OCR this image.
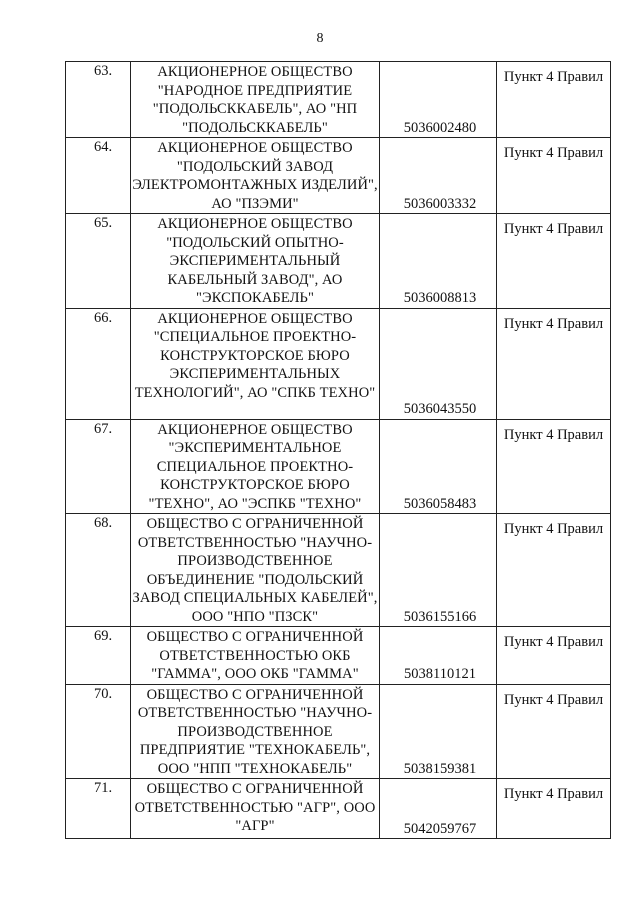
8
63.	АКЦИОНЕРНОЕ ОБЩЕСТВО "НАРОДНОЕ ПРЕДПРИЯТИЕ "ПОДОЛЬСККАБЕЛЬ", АО "НП "ПОДОЛЬСККАБЕЛЬ"	5036002480	Пункт 4 Правил

64.	АКЦИОНЕРНОЕ ОБЩЕСТВО "ПОДОЛЬСКИЙ ЗАВОД ЭЛЕКТРОМОНТАЖНЫХ ИЗДЕЛИЙ", АО "ПЗЭМИ"	5036003332	Пункт 4 Правил

65.	АКЦИОНЕРНОЕ ОБЩЕСТВО "ПОДОЛЬСКИЙ ОПЫТНО-ЭКСПЕРИМЕНТАЛЬНЫЙ КАБЕЛЬНЫЙ ЗАВОД", АО "ЭКСПОКАБЕЛЬ"	5036008813	Пункт 4 Правил

66.	АКЦИОНЕРНОЕ ОБЩЕСТВО "СПЕЦИАЛЬНОЕ ПРОЕКТНО-КОНСТРУКТОРСКОЕ БЮРО ЭКСПЕРИМЕНТАЛЬНЫХ ТЕХНОЛОГИЙ", АО "СПКБ ТЕХНО"	5036043550	Пункт 4 Правил

67.	АКЦИОНЕРНОЕ ОБЩЕСТВО "ЭКСПЕРИМЕНТАЛЬНОЕ СПЕЦИАЛЬНОЕ ПРОЕКТНО-КОНСТРУКТОРСКОЕ БЮРО "ТЕХНО", АО "ЭСПКБ "ТЕХНО"	5036058483	Пункт 4 Правил

68.	ОБЩЕСТВО С ОГРАНИЧЕННОЙ ОТВЕТСТВЕННОСТЬЮ "НАУЧНО-ПРОИЗВОДСТВЕННОЕ ОБЪЕДИНЕНИЕ "ПОДОЛЬСКИЙ ЗАВОД СПЕЦИАЛЬНЫХ КАБЕЛЕЙ", ООО "НПО "ПЗСК"	5036155166	Пункт 4 Правил

69.	ОБЩЕСТВО С ОГРАНИЧЕННОЙ ОТВЕТСТВЕННОСТЬЮ ОКБ "ГАММА", ООО ОКБ "ГАММА"	5038110121	Пункт 4 Правил

70.	ОБЩЕСТВО С ОГРАНИЧЕННОЙ ОТВЕТСТВЕННОСТЬЮ "НАУЧНО-ПРОИЗВОДСТВЕННОЕ ПРЕДПРИЯТИЕ "ТЕХНОКАБЕЛЬ", ООО "НПП "ТЕХНОКАБЕЛЬ"	5038159381	Пункт 4 Правил

71.	ОБЩЕСТВО С ОГРАНИЧЕННОЙ ОТВЕТСТВЕННОСТЬЮ "АГР", ООО "АГР"	5042059767	Пункт 4 Правил
